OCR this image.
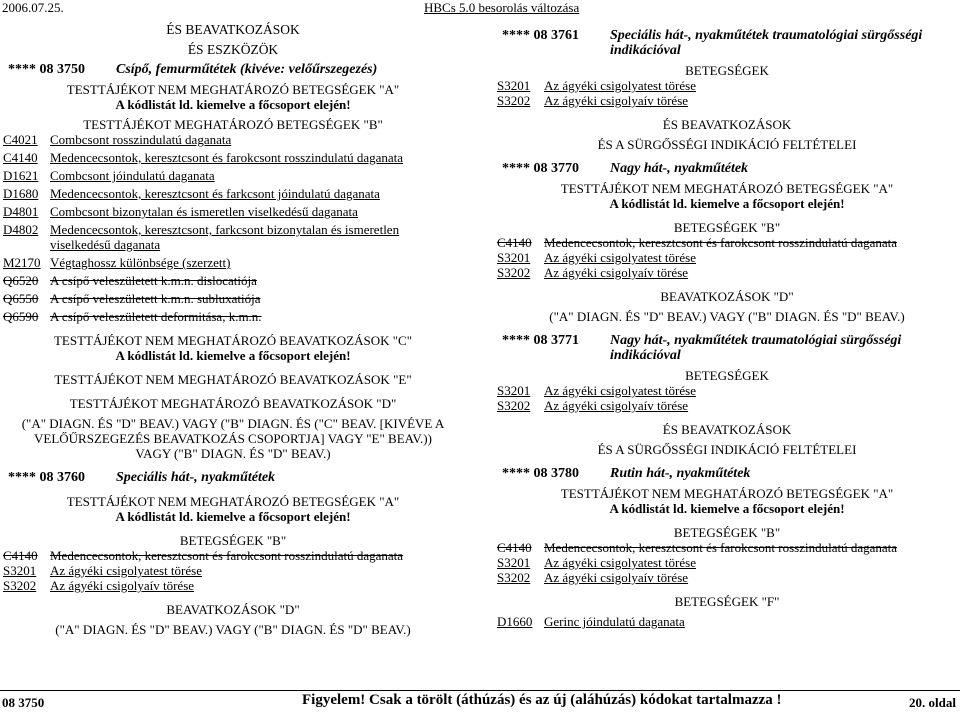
2006.07.25.	HBCs 5.0 besorolás változása
ÉS BEAVATKOZÁSOK
ÉS ESZKÖZÖK
**** 08 3750	Csípő, femurműtétek (kivéve: velőűrszegezés)
TESTTÁJÉKOT NEM MEGHATÁROZÓ BETEGSÉGEK "A"
A kódlistát ld. kiemelve a főcsoport elején!
TESTTÁJÉKOT MEGHATÁROZÓ BETEGSÉGEK "B"
C4021 Combcsont rosszindulatú daganata
C4140 Medencecsontok, keresztcsont és farokcsont rosszindulatú daganata
D1621 Combcsont jóindulatú daganata
D1680 Medencecsontok, keresztcsont és farkcsont jóindulatú daganata
D4801 Combcsont bizonytalan és ismeretlen viselkedésű daganata
D4802 Medencecsontok, keresztcsont, farkcsont bizonytalan és ismeretlen viselkedésű daganata
M2170 Végtaghossz különbsége (szerzett)
Q6520 A csípő veleszületett k.m.n. dislocatiója
Q6550 A csípő veleszületett k.m.n. subluxatiója
Q6590 A csípő veleszületett deformitása, k.m.n.
TESTTÁJÉKOT NEM MEGHATÁROZÓ BEAVATKOZÁSOK "C"
A kódlistát ld. kiemelve a főcsoport elején!
TESTTÁJÉKOT NEM MEGHATÁROZÓ BEAVATKOZÁSOK "E"
TESTTÁJÉKOT MEGHATÁROZÓ BEAVATKOZÁSOK "D"
("A" DIAGN. ÉS "D" BEAV.) VAGY ("B" DIAGN. ÉS ("C" BEAV. [KIVÉVE A
VELŐŰRSZEGEZÉS BEAVATKOZÁS CSOPORTJA] VAGY "E" BEAV.))
VAGY ("B" DIAGN. ÉS "D" BEAV.)
**** 08 3760	Speciális hát-, nyakműtétek
TESTTÁJÉKOT NEM MEGHATÁROZÓ BETEGSÉGEK "A"
A kódlistát ld. kiemelve a főcsoport elején!
BETEGSÉGEK "B"
C4140 Medencecsontok, keresztcsont és farokcsont rosszindulatú daganata
S3201	Az ágyéki csigolyatest törése
S3202	Az ágyéki csigolyaív törése
BEAVATKOZÁSOK "D"
("A" DIAGN. ÉS "D" BEAV.) VAGY ("B" DIAGN. ÉS "D" BEAV.)
**** 08 3761	Speciális hát-, nyakműtétek traumatológiai sürgősségi indikációval
BETEGSÉGEK
S3201	Az ágyéki csigolyatest törése
S3202	Az ágyéki csigolyaív törése
ÉS BEAVATKOZÁSOK
ÉS A SÜRGŐSSÉGI INDIKÁCIÓ FELTÉTELEI
**** 08 3770	Nagy hát-, nyakműtétek
TESTTÁJÉKOT NEM MEGHATÁROZÓ BETEGSÉGEK "A"
A kódlistát ld. kiemelve a főcsoport elején!
BETEGSÉGEK "B"
C4140 Medencecsontok, keresztcsont és farokcsont rosszindulatú daganata
S3201	Az ágyéki csigolyatest törése
S3202	Az ágyéki csigolyaív törése
BEAVATKOZÁSOK "D"
("A" DIAGN. ÉS "D" BEAV.) VAGY ("B" DIAGN. ÉS "D" BEAV.)
**** 08 3771	Nagy hát-, nyakműtétek traumatológiai sürgősségi indikációval
BETEGSÉGEK
S3201	Az ágyéki csigolyatest törése
S3202	Az ágyéki csigolyaív törése
ÉS BEAVATKOZÁSOK
ÉS A SÜRGŐSSÉGI INDIKÁCIÓ FELTÉTELEI
**** 08 3780	Rutin hát-, nyakműtétek
TESTTÁJÉKOT NEM MEGHATÁROZÓ BETEGSÉGEK "A"
A kódlistát ld. kiemelve a főcsoport elején!
BETEGSÉGEK "B"
C4140 Medencecsontok, keresztcsont és farokcsont rosszindulatú daganata
S3201	Az ágyéki csigolyatest törése
S3202	Az ágyéki csigolyaív törése
BETEGSÉGEK "F"
D1660 Gerinc jóindulatú daganata
08 3750	Figyelem! Csak a törölt (áthúzás) és az új (aláhúzás) kódokat tartalmazza !	20. oldal
